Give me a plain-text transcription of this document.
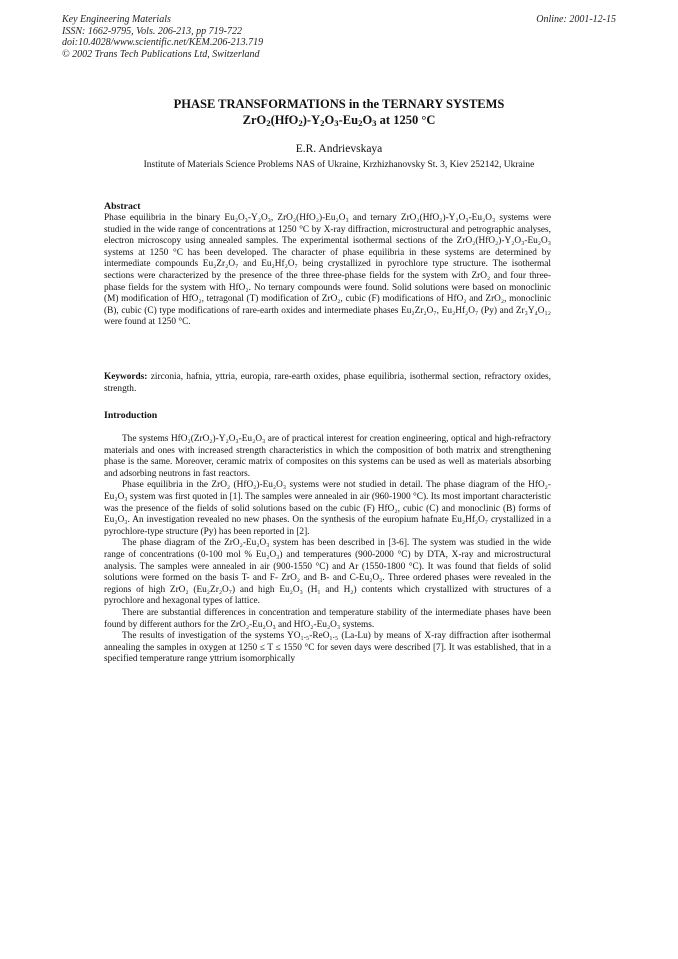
Key Engineering Materials
ISSN: 1662-9795, Vols. 206-213, pp 719-722
doi:10.4028/www.scientific.net/KEM.206-213.719
© 2002 Trans Tech Publications Ltd, Switzerland
Online: 2001-12-15
PHASE TRANSFORMATIONS in the TERNARY SYSTEMS
$ZrO_2(HfO_2)-Y_2O_3-Eu_2O_3$ at 1250 °C
E.R. Andrievskaya
Institute of Materials Science Problems NAS of Ukraine, Krzhizhanovsky St. 3, Kiev 252142, Ukraine
Abstract

Phase equilibria in the binary Eu₂O₃-Y₂O₃, ZrO₂(HfO₂)-Eu₂O₃ and ternary ZrO₂(HfO₂)-Y₂O₃-Eu₂O₃ systems were studied in the wide range of concentrations at 1250 °C by X-ray diffraction, microstructural and petrographic analyses, electron microscopy using annealed samples. The experimental isothermal sections of the ZrO₂(HfO₂)-Y₂O₃-Eu₂O₃ systems at 1250 °C has been developed. The character of phase equilibria in these systems are determined by intermediate compounds Eu₂Zr₂O₇ and Eu₂Hf₂O₇ being crystallized in pyrochlore type structure. The isothermal sections were characterized by the presence of the three three-phase fields for the system with ZrO₂ and four three-phase fields for the system with HfO₂. No ternary compounds were found. Solid solutions were based on monoclinic (M) modification of HfO₂, tetragonal (T) modification of ZrO₂, cubic (F) modifications of HfO₂ and ZrO₂, monoclinic (B), cubic (C) type modifications of rare-earth oxides and intermediate phases Eu₂Zr₂O₇, Eu₂Hf₂O₇ (Py) and Zr₃Y₄O₁₂ were found at 1250 °C.

Keywords: zirconia, hafnia, yttria, europia, rare-earth oxides, phase equilibria, isothermal section, refractory oxides, strength.

Introduction

The systems HfO₂(ZrO₂)-Y₂O₃-Eu₂O₃ are of practical interest for creation engineering, optical and high-refractory materials and ones with increased strength characteristics in which the composition of both matrix and strengthening phase is the same. Moreover, ceramic matrix of composites on this systems can be used as well as materials absorbing and adsorbing neutrons in fast reactors.

Phase equilibria in the ZrO₂ (HfO₂)-Eu₂O₃ systems were not studied in detail. The phase diagram of the HfO₂-Eu₂O₃ system was first quoted in [1]. The samples were annealed in air (960-1900 °C). Its most important characteristic was the presence of the fields of solid solutions based on the cubic (F) HfO₂, cubic (C) and monoclinic (B) forms of Eu₂O₃. An investigation revealed no new phases. On the synthesis of the europium hafnate Eu₂Hf₂O₇ crystallized in a pyrochlore-type structure (Py) has been reported in [2].

The phase diagram of the ZrO₂-Eu₂O₃ system has been described in [3-6]. The system was studied in the wide range of concentrations (0-100 mol % Eu₂O₃) and temperatures (900-2000 °C) by DTA, X-ray and microstructural analysis. The samples were annealed in air (900-1550 °C) and Ar (1550-1800 °C). It was found that fields of solid solutions were formed on the basis T- and F- ZrO₂ and B- and C-Eu₂O₃. Three ordered phases were revealed in the regions of high ZrO₂ (Eu₂Zr₂O₇) and high Eu₂O₃ (H₁ and H₂) contents which crystallized with structures of a pyrochlore and hexagonal types of lattice.

There are substantial differences in concentration and temperature stability of the intermediate phases have been found by different authors for the ZrO₂-Eu₂O₃ and HfO₂-Eu₂O₃ systems.

The results of investigation of the systems YO₁.₅-ReO₁.₅ (La-Lu) by means of X-ray diffraction after isothermal annealing the samples in oxygen at 1250 ≤ T ≤ 1550 °C for seven days were described [7]. It was established, that in a specified temperature range yttrium isomorphically
